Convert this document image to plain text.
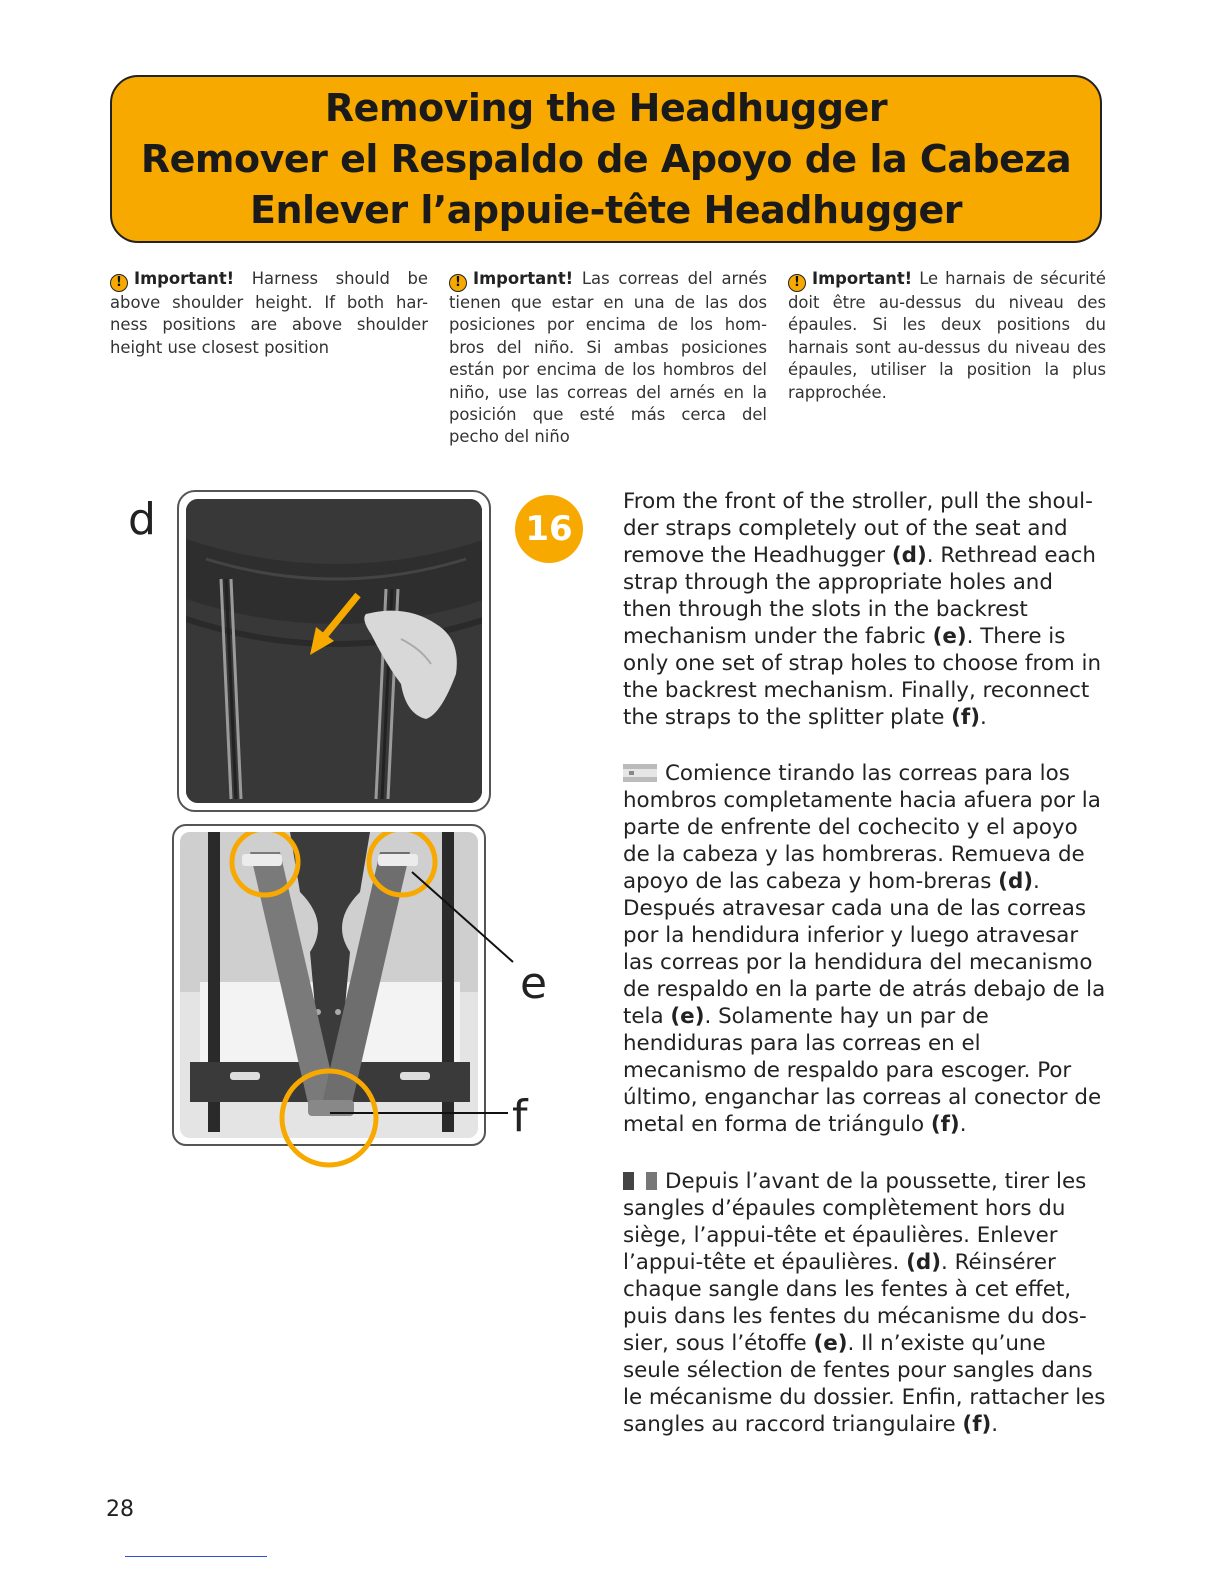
Removing the Headhugger
Remover el Respaldo de Apoyo de la Cabeza
Enlever l’appuie-tête Headhugger
! Important! Harness should be above shoulder height. If both har-ness positions are above shoulder height use closest position
! Important! Las correas del arnés tienen que estar en una de las dos posiciones por encima de los hom-bros del niño. Si ambas posiciones están por encima de los hombros del niño, use las correas del arnés en la posición que esté más cerca del pecho del niño
! Important! Le harnais de sécurité doit être au-dessus du niveau des épaules. Si les deux positions du harnais sont au-dessus du niveau des épaules, utiliser la position la plus rapprochée.
d
e
f
16
From the front of the stroller, pull the shoul-der straps completely out of the seat and remove the Headhugger (d). Rethread each strap through the appropriate holes and then through the slots in the backrest mechanism under the fabric (e). There is only one set of strap holes to choose from in the backrest mechanism. Finally, reconnect the straps to the splitter plate (f).
Comience tirando las correas para los hombros completamente hacia afuera por la parte de enfrente del cochecito y el apoyo de la cabeza y las hombreras. Remueva de apoyo de las cabeza y hom-breras (d). Después atravesar cada una de las correas por la hendidura inferior y luego atravesar las correas por la hendidura del mecanismo de respaldo en la parte de atrás debajo de la tela (e). Solamente hay un par de hendiduras para las correas en el mecanismo de respaldo para escoger. Por último, enganchar las correas al conector de metal en forma de triángulo (f).
Depuis l’avant de la poussette, tirer les sangles d’épaules complètement hors du siège, l’appui-tête et épaulières. Enlever l’appui-tête et épaulières. (d). Réinsérer chaque sangle dans les fentes à cet effet, puis dans les fentes du mécanisme du dos-sier, sous l’étoffe (e). Il n’existe qu’une seule sélection de fentes pour sangles dans le mécanisme du dossier. Enfin, rattacher les sangles au raccord triangulaire (f).
28
